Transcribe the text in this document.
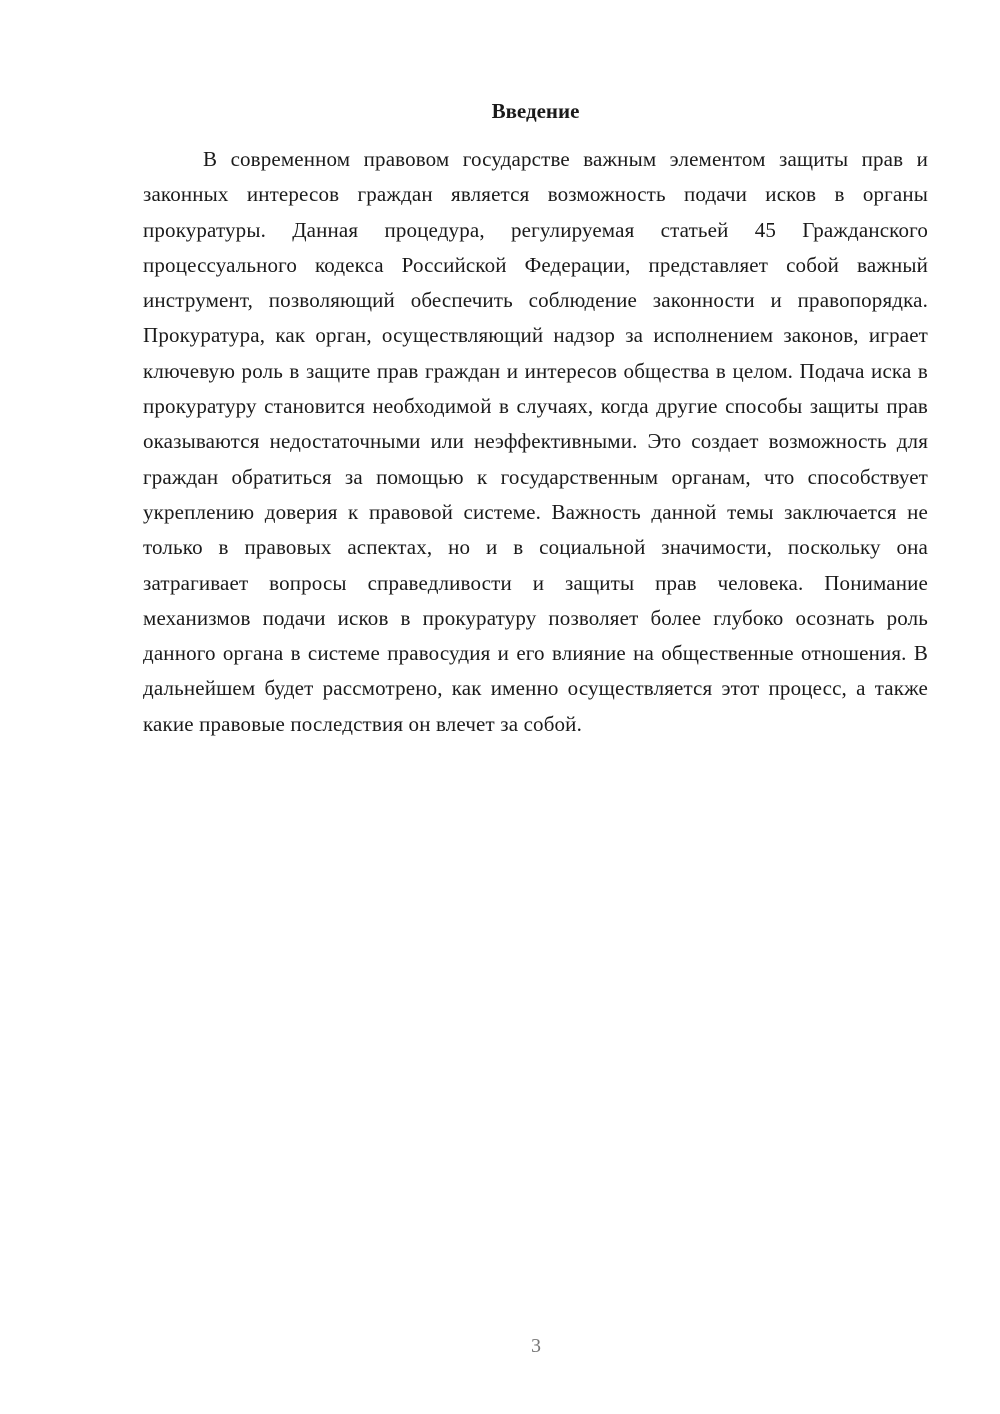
Введение

В современном правовом государстве важным элементом защиты прав и законных интересов граждан является возможность подачи исков в органы прокуратуры. Данная процедура, регулируемая статьей 45 Гражданского процессуального кодекса Российской Федерации, представляет собой важный инструмент, позволяющий обеспечить соблюдение законности и правопорядка. Прокуратура, как орган, осуществляющий надзор за исполнением законов, играет ключевую роль в защите прав граждан и интересов общества в целом. Подача иска в прокуратуру становится необходимой в случаях, когда другие способы защиты прав оказываются недостаточными или неэффективными. Это создает возможность для граждан обратиться за помощью к государственным органам, что способствует укреплению доверия к правовой системе. Важность данной темы заключается не только в правовых аспектах, но и в социальной значимости, поскольку она затрагивает вопросы справедливости и защиты прав человека. Понимание механизмов подачи исков в прокуратуру позволяет более глубоко осознать роль данного органа в системе правосудия и его влияние на общественные отношения. В дальнейшем будет рассмотрено, как именно осуществляется этот процесс, а также какие правовые последствия он влечет за собой.

3
